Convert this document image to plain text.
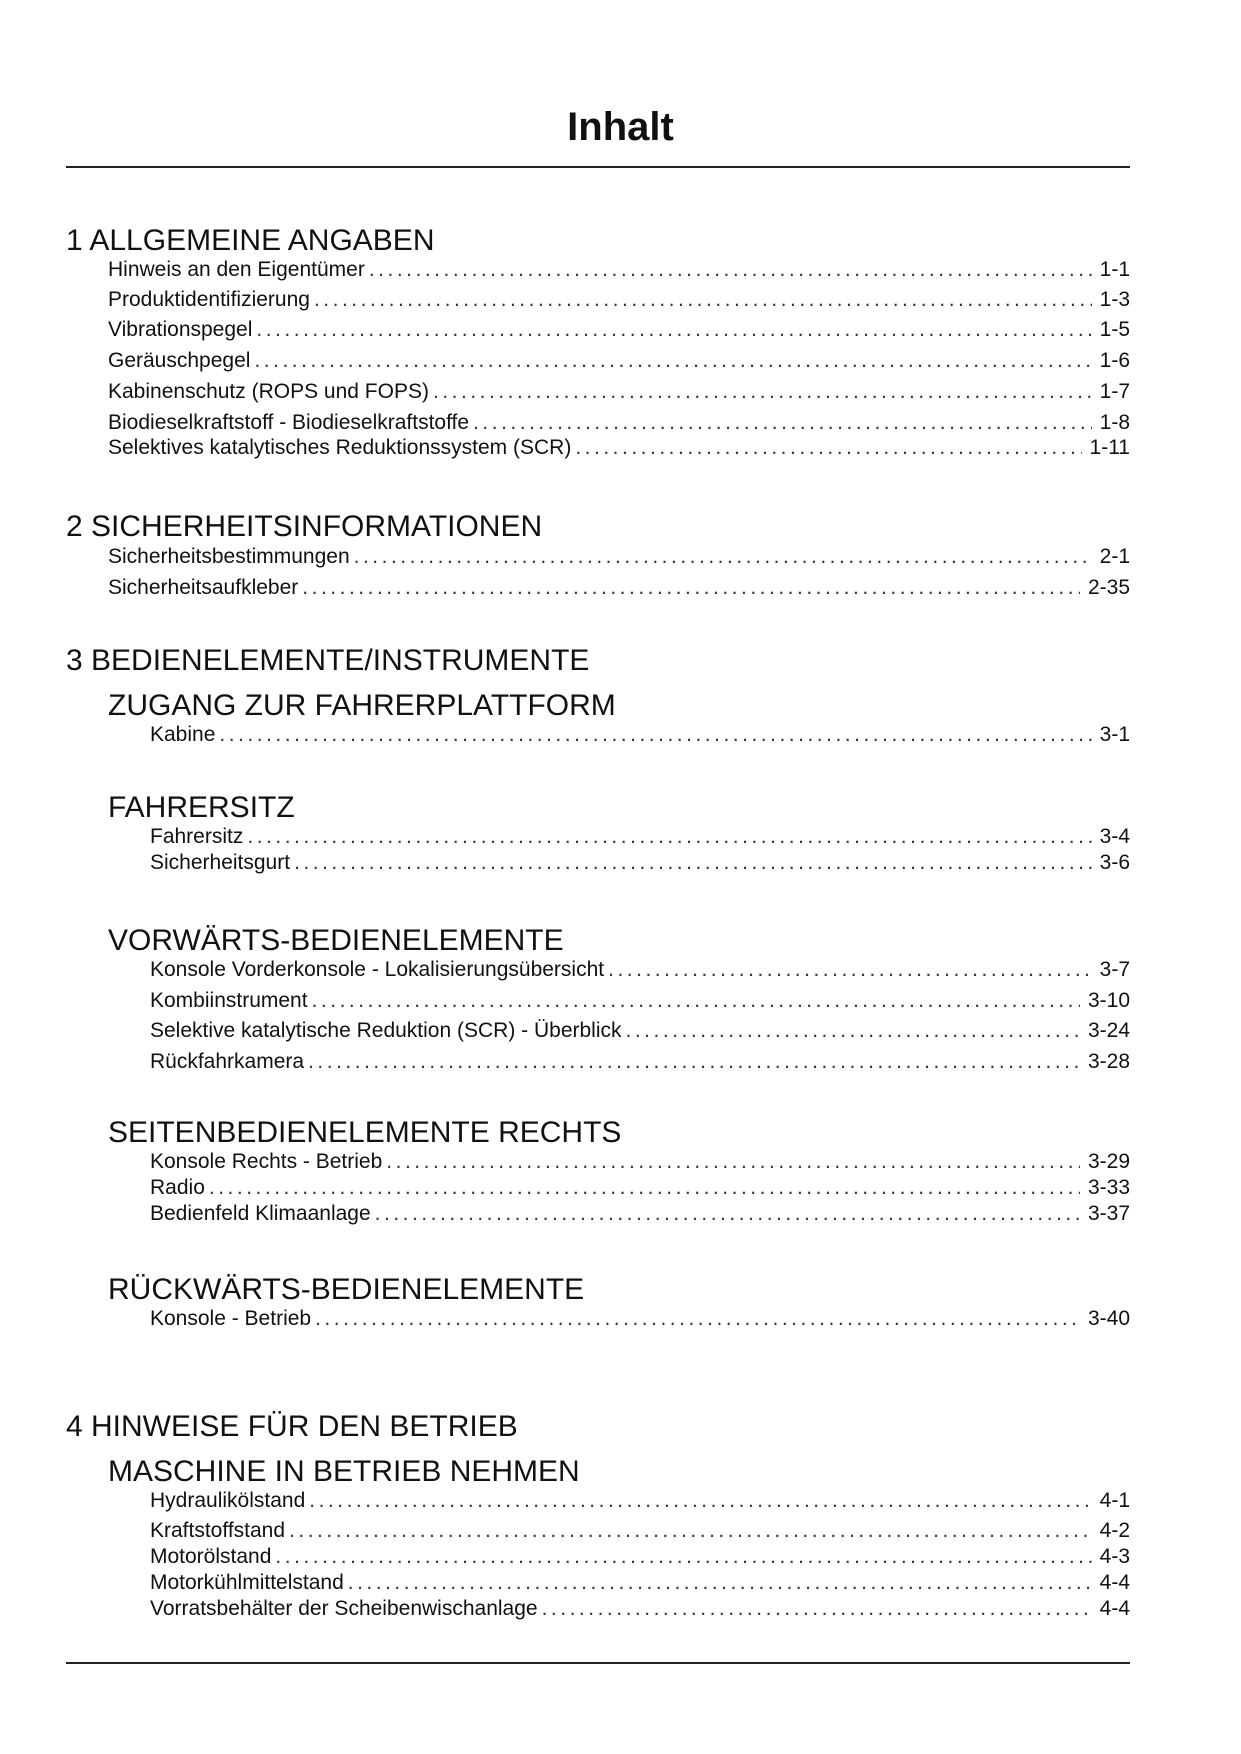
Inhalt
1 ALLGEMEINE ANGABEN
Hinweis an den Eigentümer .....	1-1
Produktidentifizierung .....	1-3
Vibrationspegel .....	1-5
Geräuschpegel .....	1-6
Kabinenschutz (ROPS und FOPS) .....	1-7
Biodieselkraftstoff - Biodieselkraftstoffe .....	1-8
Selektives katalytisches Reduktionssystem (SCR) .....	1-11
2 SICHERHEITSINFORMATIONEN
Sicherheitsbestimmungen .....	2-1
Sicherheitsaufkleber .....	2-35
3 BEDIENELEMENTE/INSTRUMENTE
ZUGANG ZUR FAHRERPLATTFORM
Kabine .....	3-1
FAHRERSITZ
Fahrersitz .....	3-4
Sicherheitsgurt .....	3-6
VORWÄRTS-BEDIENELEMENTE
Konsole Vorderkonsole - Lokalisierungsübersicht .....	3-7
Kombiinstrument .....	3-10
Selektive katalytische Reduktion (SCR) - Überblick .....	3-24
Rückfahrkamera .....	3-28
SEITENBEDIENELEMENTE RECHTS
Konsole Rechts - Betrieb .....	3-29
Radio .....	3-33
Bedienfeld Klimaanlage .....	3-37
RÜCKWÄRTS-BEDIENELEMENTE
Konsole - Betrieb .....	3-40
4 HINWEISE FÜR DEN BETRIEB
MASCHINE IN BETRIEB NEHMEN
Hydraulikölstand .....	4-1
Kraftstoffstand .....	4-2
Motorölstand .....	4-3
Motorkühlmittelstand .....	4-4
Vorratsbehälter der Scheibenwischanlage .....	4-4
